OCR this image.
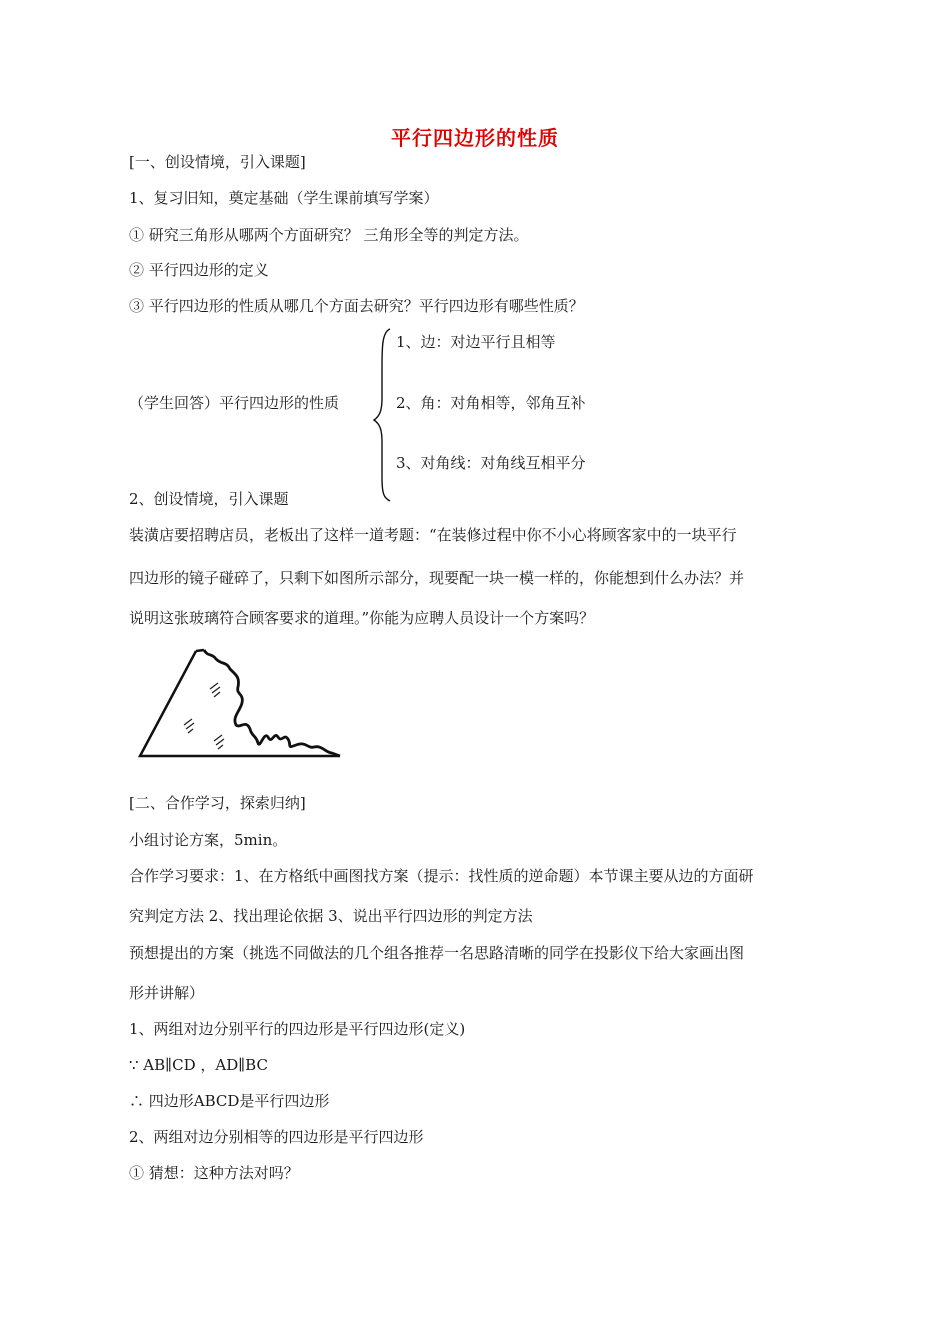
平行四边形的性质
[一、创设情境，引入课题]
1、复习旧知，奠定基础（学生课前填写学案）
① 研究三角形从哪两个方面研究？ 三角形全等的判定方法。
② 平行四边形的定义
③ 平行四边形的性质从哪几个方面去研究？平行四边形有哪些性质？
（学生回答）平行四边形的性质
1、边：对边平行且相等
2、角：对角相等，邻角互补
3、对角线：对角线互相平分
2、创设情境，引入课题
装潢店要招聘店员，老板出了这样一道考题：“在装修过程中你不小心将顾客家中的一块平行
四边形的镜子碰碎了，只剩下如图所示部分，现要配一块一模一样的，你能想到什么办法？并
说明这张玻璃符合顾客要求的道理。”你能为应聘人员设计一个方案吗？
[二、合作学习，探索归纳]
小组讨论方案，5min。
合作学习要求：1、在方格纸中画图找方案（提示：找性质的逆命题）本节课主要从边的方面研
究判定方法 2、找出理论依据 3、说出平行四边形的判定方法
预想提出的方案（挑选不同做法的几个组各推荐一名思路清晰的同学在投影仪下给大家画出图
形并讲解）
1、两组对边分别平行的四边形是平行四边形(定义)
∵ AB∥CD ，AD∥BC
∴ 四边形ABCD是平行四边形
2、两组对边分别相等的四边形是平行四边形
① 猜想：这种方法对吗？
